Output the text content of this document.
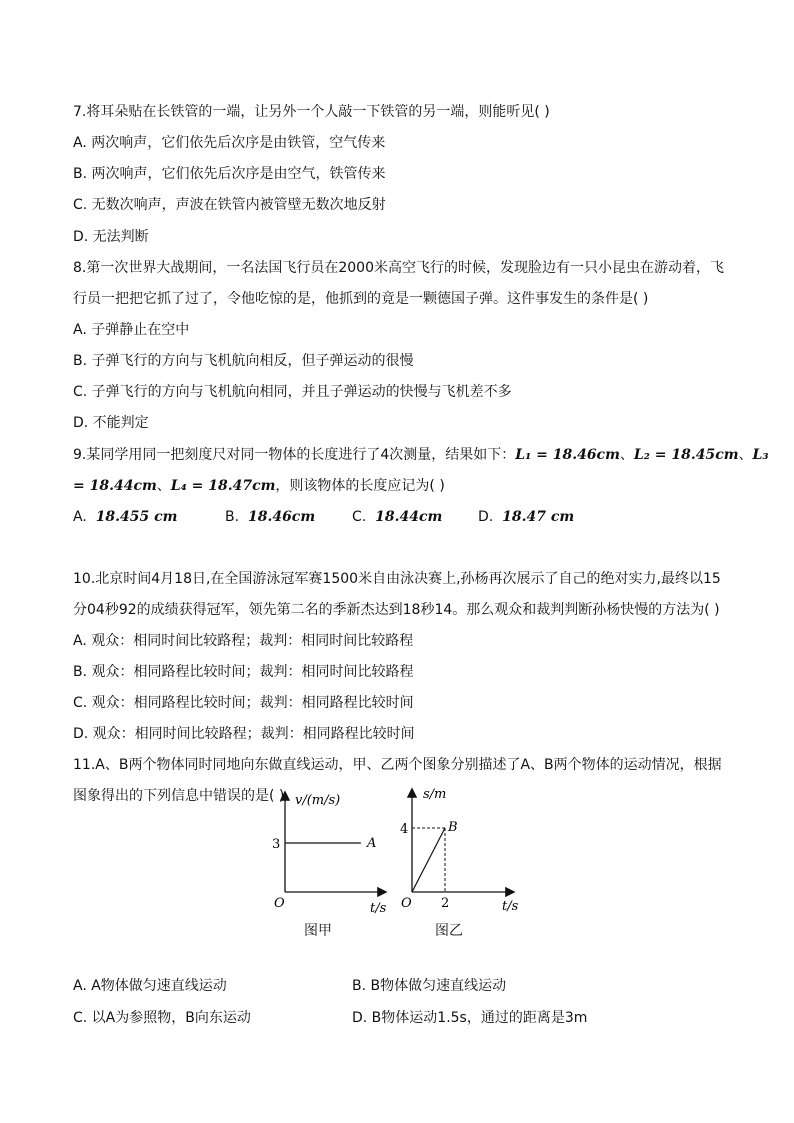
7.将耳朵贴在长铁管的一端，让另外一个人敲一下铁管的另一端，则能听见( )
A. 两次响声，它们依先后次序是由铁管，空气传来
B. 两次响声，它们依先后次序是由空气，铁管传来
C. 无数次响声，声波在铁管内被管壁无数次地反射
D. 无法判断
8.第一次世界大战期间，一名法国飞行员在2000米高空飞行的时候，发现脸边有一只小昆虫在游动着，飞
行员一把把它抓了过了，令他吃惊的是，他抓到的竟是一颗德国子弹。这件事发生的条件是( )
A. 子弹静止在空中
B. 子弹飞行的方向与飞机航向相反，但子弹运动的很慢
C. 子弹飞行的方向与飞机航向相同，并且子弹运动的快慢与飞机差不多
D. 不能判定
9.某同学用同一把刻度尺对同一物体的长度进行了4次测量，结果如下：L₁ = 18.46cm、L₂ = 18.45cm、L₃
= 18.44cm、L₄ = 18.47cm，则该物体的长度应记为( )
A. 18.455 cm	B. 18.46cm	C. 18.44cm	D. 18.47 cm
10.北京时间4月18日,在全国游泳冠军赛1500米自由泳决赛上,孙杨再次展示了自己的绝对实力,最终以15
分04秒92的成绩获得冠军，领先第二名的季新杰达到18秒14。那么观众和裁判判断孙杨快慢的方法为( )
A. 观众：相同时间比较路程；裁判：相同时间比较路程
B. 观众：相同路程比较时间；裁判：相同时间比较路程
C. 观众：相同路程比较时间；裁判：相同路程比较时间
D. 观众：相同时间比较路程；裁判：相同路程比较时间
11.A、B两个物体同时同地向东做直线运动，甲、乙两个图象分别描述了A、B两个物体的运动情况，根据
图象得出的下列信息中错误的是( ) v/(m/s)
3	A
O	t/s
图甲
s/m
4	B
O 2	t/s
图乙
A. A物体做匀速直线运动	B. B物体做匀速直线运动
C. 以A为参照物，B向东运动	D. B物体运动1.5s，通过的距离是3m
